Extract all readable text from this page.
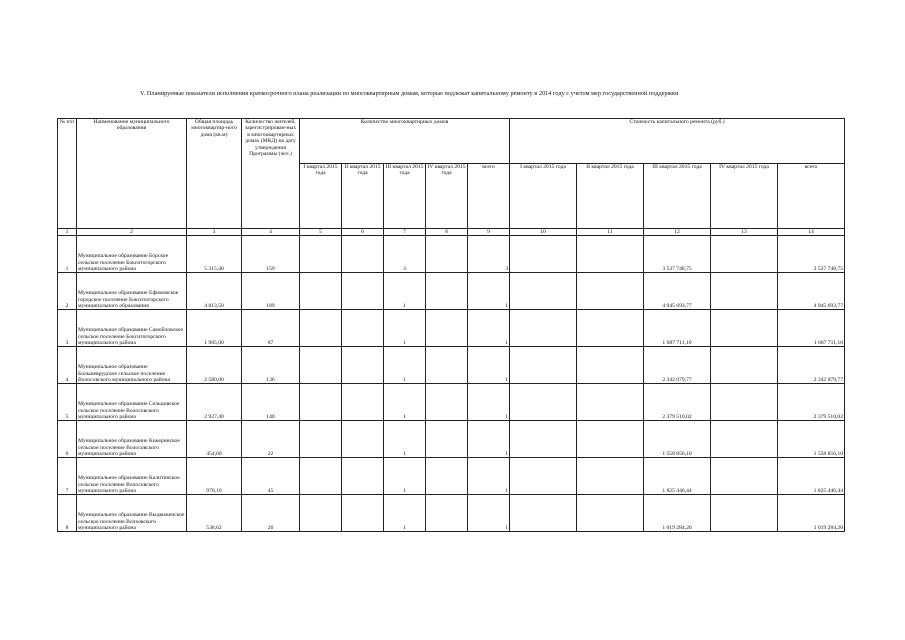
V. Планируемые показатели исполнения краткосрочного плана реализации по многоквартирным домам, которые подлежат капитальному ремонту в 2014 году с учетом мер государственной поддержки
№ п/п	Наименование муниципального образования	Общая площадь многоквартир-ного дома (кв.м)	Количество жителей, зарегистрирован-ных в многоквартирных домах (МКД) на дату утверждения Программы (чел.)	Количество многоквартирных домов					Стоимость капитального ремонта (руб.)				
				I квартал 2015 года	II квартал 2015 года	III квартал 2015 года	IV квартал 2015 года	всего	I квартал 2015 года	II квартал 2015 года	III квартал 2015 года	IV квартал 2015 года	всего
1	2	3	4	5	6	7	8	9	10	11	12	13	14
1	Муниципальное образование Борское сельское поселение Бокситогорского муниципального района	5 315,40	159			3		3			3 537 748,75		3 537 748,75
2	Муниципальное образование Ефимовское городское поселение Бокситогорского муниципального образования	4 813,50	189			1		1			4 945 693,77		4 945 693,77
3	Муниципальное образование Самойловское сельское поселение Бокситогорского муниципального района	1 985,00	87			1		1			1 687 711,10		1 687 711,10
4	Муниципальное образование Большеврудское сельское поселение Волосовского муниципального района	2 580,00	136			1		1			2 342 079,77		2 342 079,77
5	Муниципальное образование Сельцовское сельское поселение Волосовского муниципального района	2 927,40	140			1		1			2 379 510,02		2 379 510,02
6	Муниципальное образование Кикеринское сельское поселение Волосовского муниципального района	454,60	22			1		1			1 558 856,10		1 558 856,10
7	Муниципальное образование Калитинское сельское поселение Волосовского муниципального района	970,10	45			1		1			1 825 446,44		1 825 446,44
8	Муниципальное образование Выдвиженское сельское поселение Волховского муниципального района	538,62	26			1		1			1 019 284,20		1 019 284,20
